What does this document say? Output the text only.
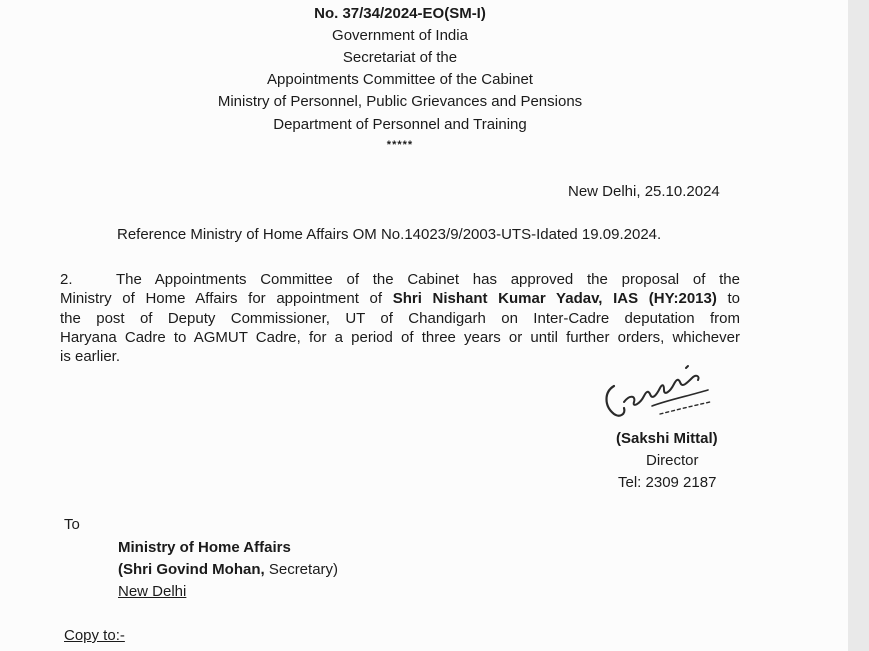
No. 37/34/2024-EO(SM-I)
Government of India
Secretariat of the
Appointments Committee of the Cabinet
Ministry of Personnel, Public Grievances and Pensions
Department of Personnel and Training
*****
New Delhi, 25.10.2024
Reference Ministry of Home Affairs OM No.14023/9/2003-UTS-Idated 19.09.2024.
2.	The Appointments Committee of the Cabinet has approved the proposal of the
Ministry of Home Affairs for appointment of Shri Nishant Kumar Yadav, IAS (HY:2013) to
the post of Deputy Commissioner, UT of Chandigarh on Inter-Cadre deputation from
Haryana Cadre to AGMUT Cadre, for a period of three years or until further orders, whichever
is earlier.
(Sakshi Mittal)
Director
Tel: 2309 2187
To
Ministry of Home Affairs
(Shri Govind Mohan, Secretary)
New Delhi
Copy to:-
